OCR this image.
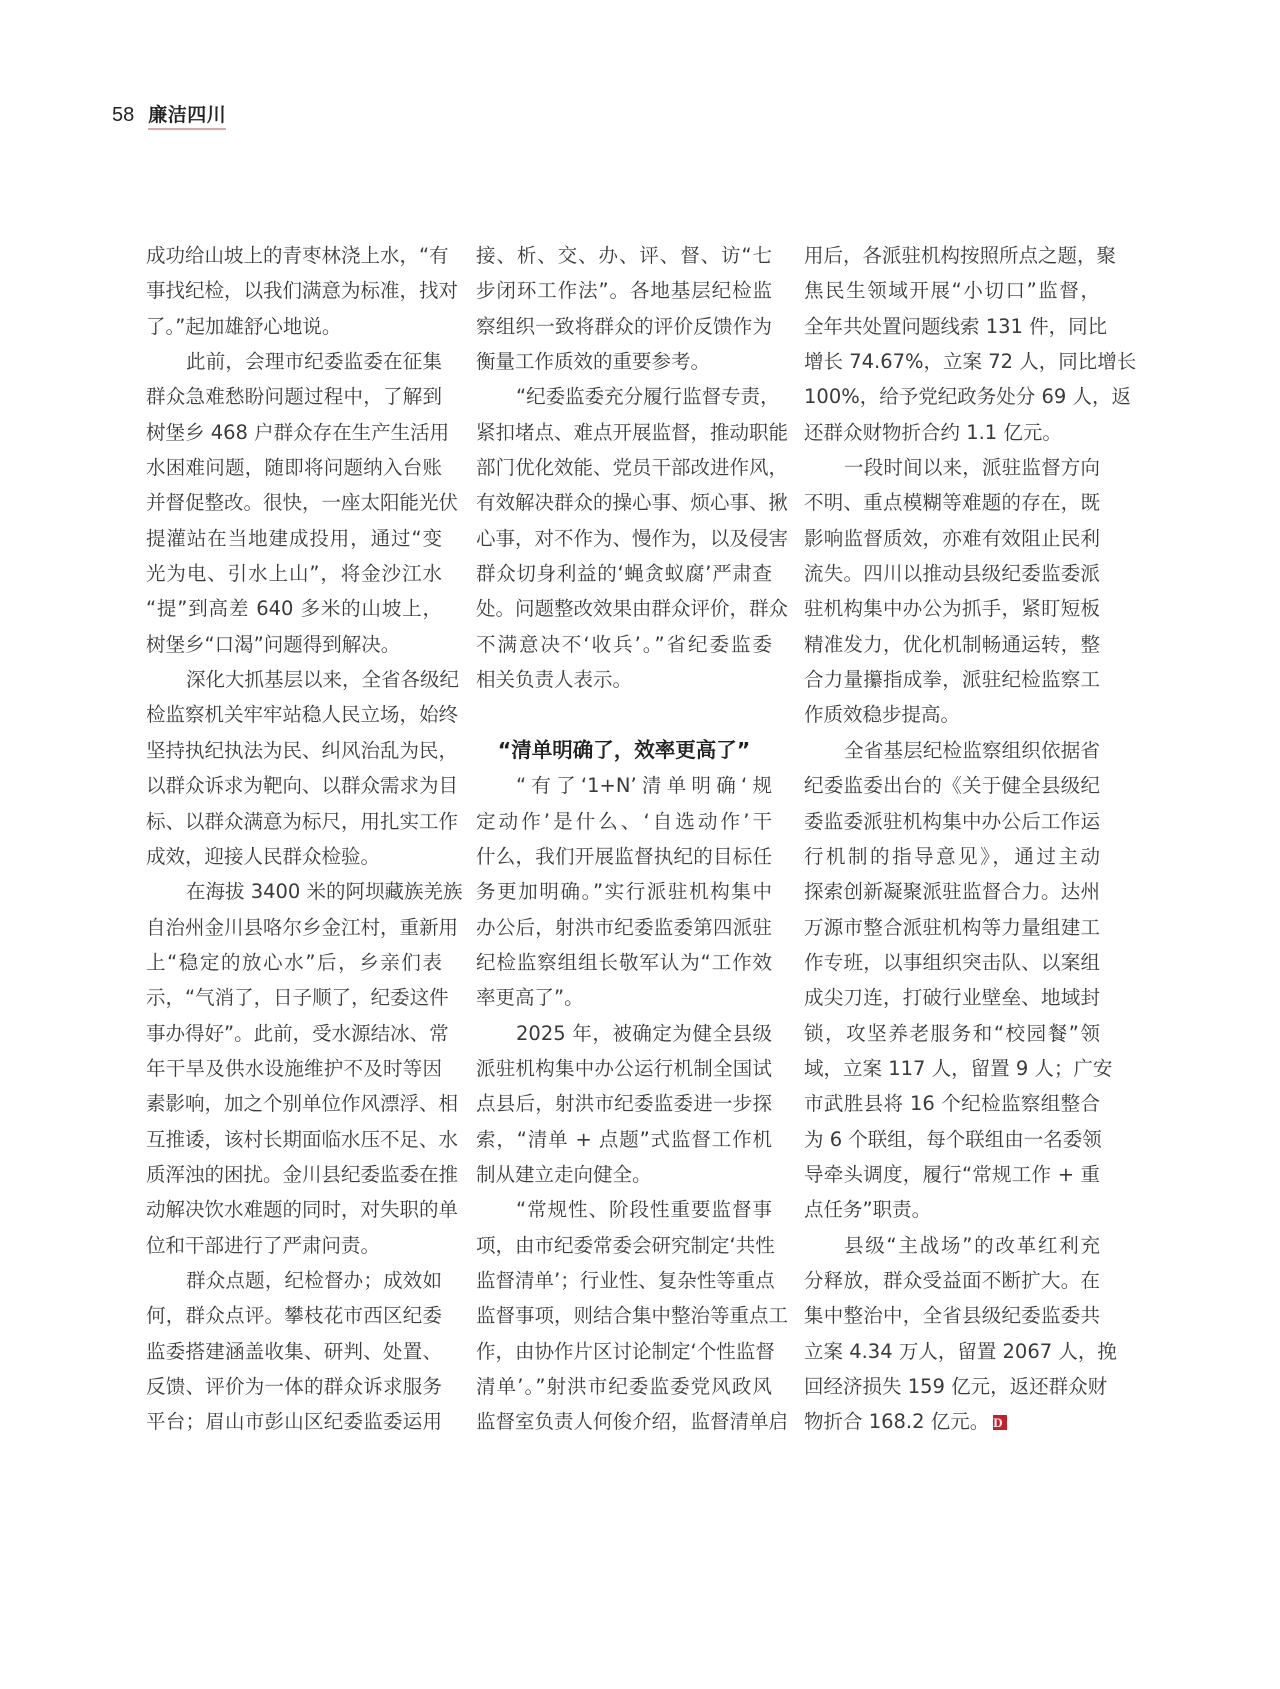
58 廉洁四川
成功给山坡上的青枣林浇上水，“有
事找纪检，以我们满意为标准，找对
了。”起加雄舒心地说。
此前，会理市纪委监委在征集
群众急难愁盼问题过程中，了解到
树堡乡 468 户群众存在生产生活用
水困难问题，随即将问题纳入台账
并督促整改。很快，一座太阳能光伏
提灌站在当地建成投用，通过“变
光为电、引水上山”，将金沙江水
“提”到高差 640 多米的山坡上，
树堡乡“口渴”问题得到解决。
深化大抓基层以来，全省各级纪
检监察机关牢牢站稳人民立场，始终
坚持执纪执法为民、纠风治乱为民，
以群众诉求为靶向、以群众需求为目
标、以群众满意为标尺，用扎实工作
成效，迎接人民群众检验。
在海拔 3400 米的阿坝藏族羌族
自治州金川县咯尔乡金江村，重新用
上“稳定的放心水”后，乡亲们表
示，“气消了，日子顺了，纪委这件
事办得好”。此前，受水源结冰、常
年干旱及供水设施维护不及时等因
素影响，加之个别单位作风漂浮、相
互推诿，该村长期面临水压不足、水
质浑浊的困扰。金川县纪委监委在推
动解决饮水难题的同时，对失职的单
位和干部进行了严肃问责。
群众点题，纪检督办；成效如
何，群众点评。攀枝花市西区纪委
监委搭建涵盖收集、研判、处置、
反馈、评价为一体的群众诉求服务
平台；眉山市彭山区纪委监委运用
接、析、交、办、评、督、访“七
步闭环工作法”。各地基层纪检监
察组织一致将群众的评价反馈作为
衡量工作质效的重要参考。
“纪委监委充分履行监督专责，
紧扣堵点、难点开展监督，推动职能
部门优化效能、党员干部改进作风，
有效解决群众的操心事、烦心事、揪
心事，对不作为、慢作为，以及侵害
群众切身利益的‘蝇贪蚁腐’严肃查
处。问题整改效果由群众评价，群众
不满意决不‘收兵’。”省纪委监委
相关负责人表示。
“清单明确了，效率更高了”
“有了‘1+N’清单明确‘规
定动作’是什么、‘自选动作’干
什么，我们开展监督执纪的目标任
务更加明确。”实行派驻机构集中
办公后，射洪市纪委监委第四派驻
纪检监察组组长敬军认为“工作效
率更高了”。
2025 年，被确定为健全县级
派驻机构集中办公运行机制全国试
点县后，射洪市纪委监委进一步探
索，“清单 + 点题”式监督工作机
制从建立走向健全。
“常规性、阶段性重要监督事
项，由市纪委常委会研究制定‘共性
监督清单’；行业性、复杂性等重点
监督事项，则结合集中整治等重点工
作，由协作片区讨论制定‘个性监督
清单’。”射洪市纪委监委党风政风
监督室负责人何俊介绍，监督清单启
用后，各派驻机构按照所点之题，聚
焦民生领域开展“小切口”监督，
全年共处置问题线索 131 件，同比
增长 74.67%，立案 72 人，同比增长
100%，给予党纪政务处分 69 人，返
还群众财物折合约 1.1 亿元。
一段时间以来，派驻监督方向
不明、重点模糊等难题的存在，既
影响监督质效，亦难有效阻止民利
流失。四川以推动县级纪委监委派
驻机构集中办公为抓手，紧盯短板
精准发力，优化机制畅通运转，整
合力量攥指成拳，派驻纪检监察工
作质效稳步提高。
全省基层纪检监察组织依据省
纪委监委出台的《关于健全县级纪
委监委派驻机构集中办公后工作运
行机制的指导意见》，通过主动
探索创新凝聚派驻监督合力。达州
万源市整合派驻机构等力量组建工
作专班，以事组织突击队、以案组
成尖刀连，打破行业壁垒、地域封
锁，攻坚养老服务和“校园餐”领
域，立案 117 人，留置 9 人；广安
市武胜县将 16 个纪检监察组整合
为 6 个联组，每个联组由一名委领
导牵头调度，履行“常规工作 + 重
点任务”职责。
县级“主战场”的改革红利充
分释放，群众受益面不断扩大。在
集中整治中，全省县级纪委监委共
立案 4.34 万人，留置 2067 人，挽
回经济损失 159 亿元，返还群众财
物折合 168.2 亿元。 D
